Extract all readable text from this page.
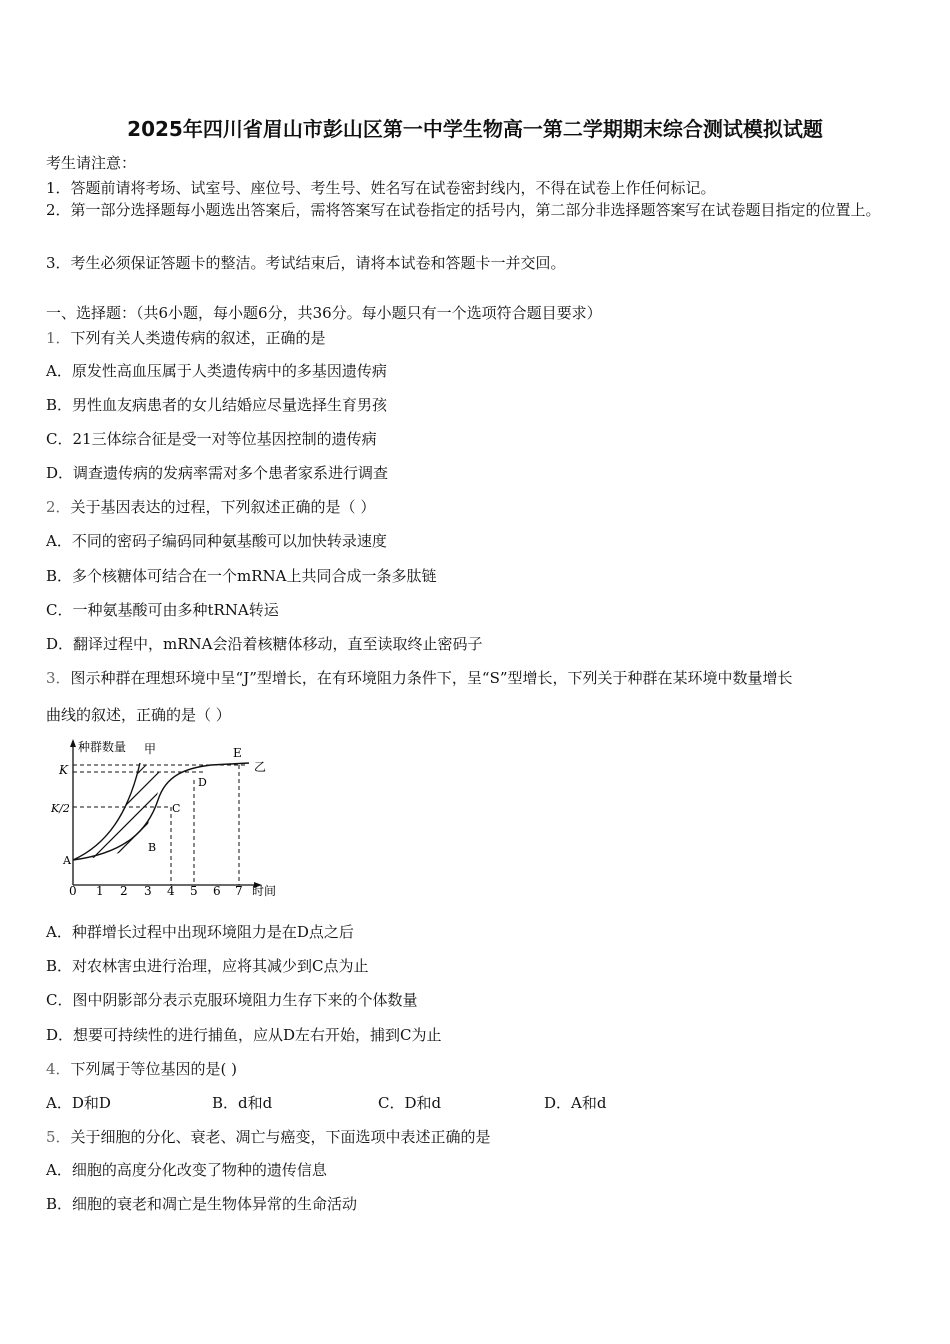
2025年四川省眉山市彭山区第一中学生物高一第二学期期末综合测试模拟试题
考生请注意：
1．答题前请将考场、试室号、座位号、考生号、姓名写在试卷密封线内，不得在试卷上作任何标记。
2．第一部分选择题每小题选出答案后，需将答案写在试卷指定的括号内，第二部分非选择题答案写在试卷题目指定的位置上。
3．考生必须保证答题卡的整洁。考试结束后，请将本试卷和答题卡一并交回。
一、选择题：（共6小题，每小题6分，共36分。每小题只有一个选项符合题目要求）
1．下列有关人类遗传病的叙述，正确的是
A．原发性高血压属于人类遗传病中的多基因遗传病
B．男性血友病患者的女儿结婚应尽量选择生育男孩
C．21三体综合征是受一对等位基因控制的遗传病
D．调查遗传病的发病率需对多个患者家系进行调查
2．关于基因表达的过程，下列叙述正确的是（ ）
A．不同的密码子编码同种氨基酸可以加快转录速度
B．多个核糖体可结合在一个mRNA上共同合成一条多肽链
C．一种氨基酸可由多种tRNA转运
D．翻译过程中，mRNA会沿着核糖体移动，直至读取终止密码子
3．图示种群在理想环境中呈“J”型增长，在有环境阻力条件下，呈“S”型增长，下列关于种群在某环境中数量增长
曲线的叙述，正确的是（ ）
种群数量
时间
K
K/2
0 1 2 3 4 5 6 7
甲
乙
A
B
C
D
E
A．种群增长过程中出现环境阻力是在D点之后
B．对农林害虫进行治理，应将其减少到C点为止
C．图中阴影部分表示克服环境阻力生存下来的个体数量
D．想要可持续性的进行捕鱼，应从D左右开始，捕到C为止
4．下列属于等位基因的是( )
A．D和D	B．d和d	C．D和d	D．A和d
5．关于细胞的分化、衰老、凋亡与癌变，下面选项中表述正确的是
A．细胞的高度分化改变了物种的遗传信息
B．细胞的衰老和凋亡是生物体异常的生命活动
